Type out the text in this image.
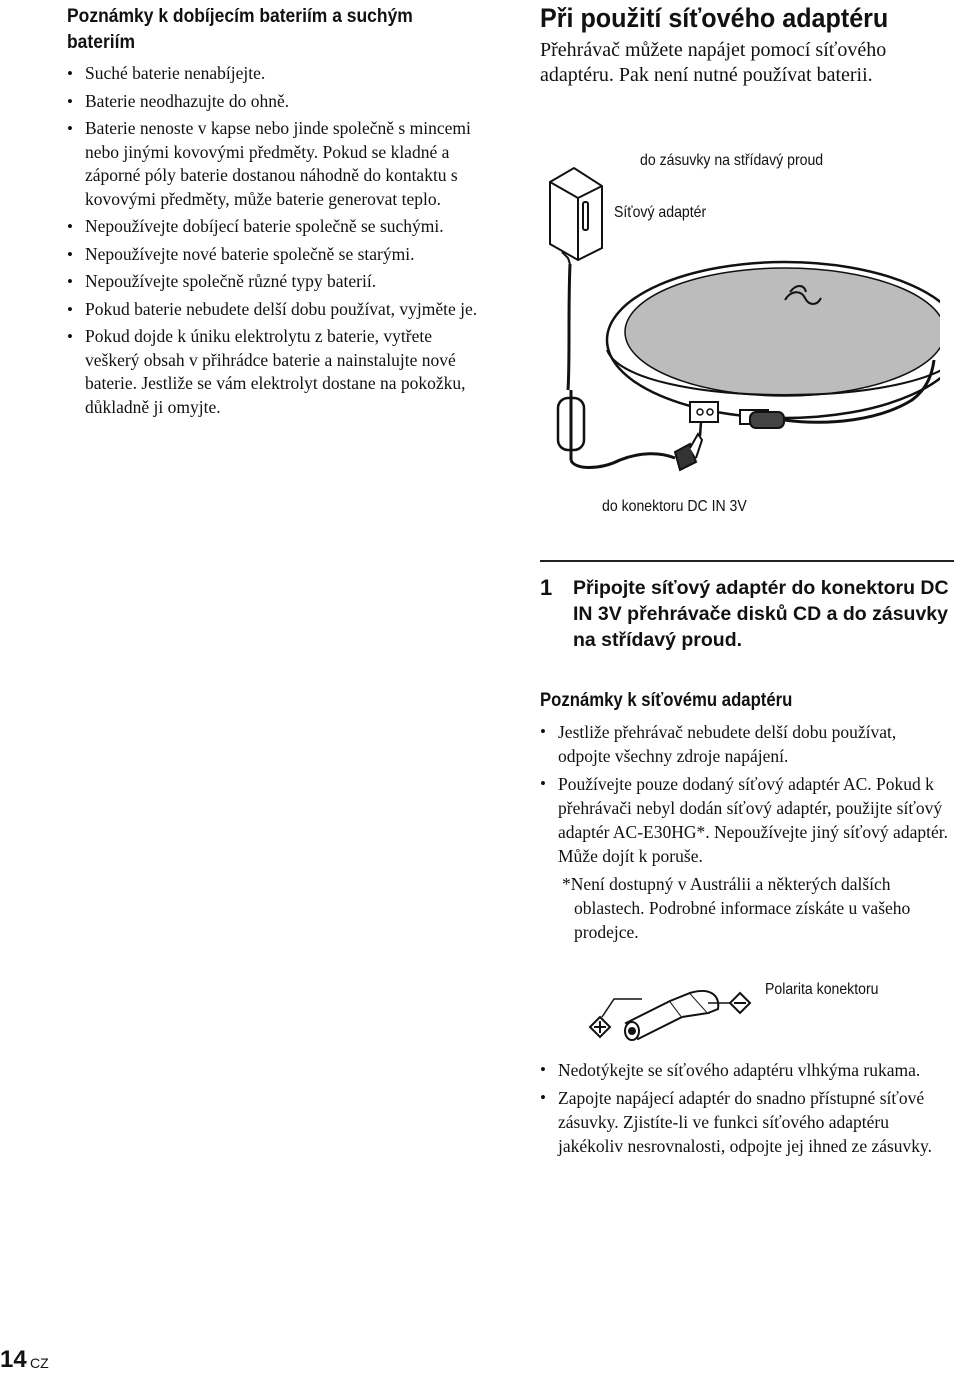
Poznámky k dobíjecím bateriím a suchým bateriím
• Suché baterie nenabíjejte.
• Baterie neodhazujte do ohně.
• Baterie nenoste v kapse nebo jinde společně s mincemi nebo jinými kovovými předměty. Pokud se kladné a záporné póly baterie dostanou náhodně do kontaktu s kovovými předměty, může baterie generovat teplo.
• Nepoužívejte dobíjecí baterie společně se suchými.
• Nepoužívejte nové baterie společně se starými.
• Nepoužívejte společně různé typy baterií.
• Pokud baterie nebudete delší dobu používat, vyjměte je.
• Pokud dojde k úniku elektrolytu z baterie, vytřete veškerý obsah v přihrádce baterie a nainstalujte nové baterie. Jestliže se vám elektrolyt dostane na pokožku, důkladně ji omyjte.
Při použití síťového adaptéru

Přehrávač můžete napájet pomocí síťového adaptéru. Pak není nutné používat baterii.

do zásuvky na střídavý proud
Síťový adaptér
do konektoru DC IN 3V
1 Připojte síťový adaptér do konektoru DC IN 3V přehrávače disků CD a do zásuvky na střídavý proud.

Poznámky k síťovému adaptéru
• Jestliže přehrávač nebudete delší dobu používat, odpojte všechny zdroje napájení.
• Používejte pouze dodaný síťový adaptér AC. Pokud k přehrávači nebyl dodán síťový adaptér, použijte síťový adaptér AC-E30HG*. Nepoužívejte jiný síťový adaptér. Může dojít k poruše.

*Není dostupný v Austrálii a některých dalších oblastech. Podrobné informace získáte u vašeho prodejce.

Polarita konektoru
• Nedotýkejte se síťového adaptéru vlhkýma rukama.
• Zapojte napájecí adaptér do snadno přístupné síťové zásuvky. Zjistíte-li ve funkci síťového adaptéru jakékoliv nesrovnalosti, odpojte jej ihned ze zásuvky.
14 CZ
